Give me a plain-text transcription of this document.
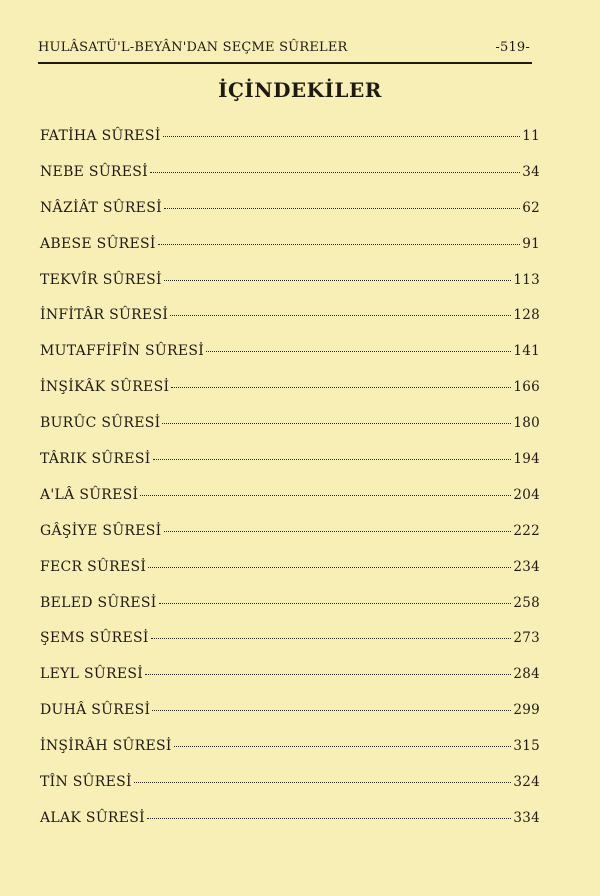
HULÂSATÜ'L-BEYÂN'DAN SEÇME SÛRELER	-519-
İÇİNDEKİLER
FATİHA SÛRESİ	11
NEBE SÛRESİ	34
NÂZİÂT SÛRESİ	62
ABESE SÛRESİ	91
TEKVÎR SÛRESİ	113
İNFİTÂR SÛRESİ	128
MUTAFFİFÎN SÛRESİ	141
İNŞİKÂK SÛRESİ	166
BURÛC SÛRESİ	180
TÂRIK SÛRESİ	194
A'LÂ SÛRESİ	204
GÂŞİYE SÛRESİ	222
FECR SÛRESİ	234
BELED SÛRESİ	258
ŞEMS SÛRESİ	273
LEYL SÛRESİ	284
DUHÂ SÛRESİ	299
İNŞİRÂH SÛRESİ	315
TÎN SÛRESİ	324
ALAK SÛRESİ	334
